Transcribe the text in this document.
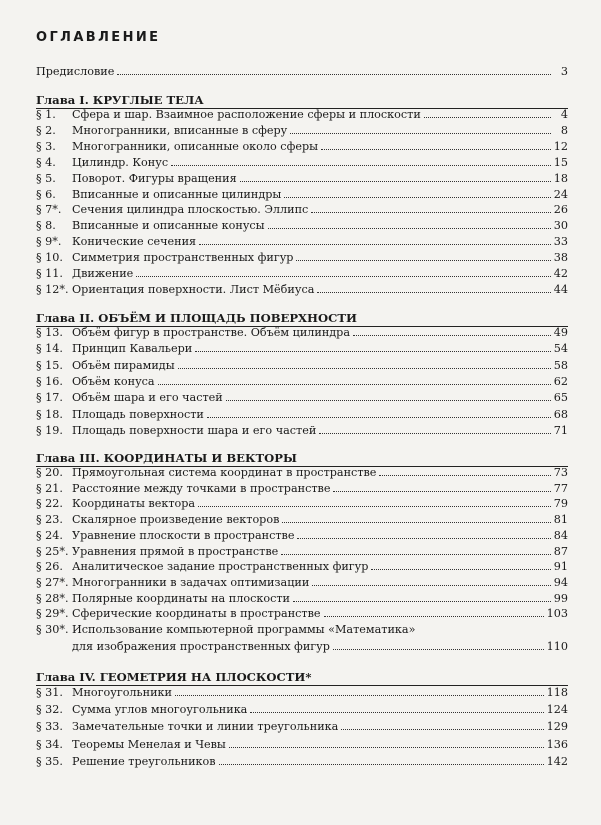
ОГЛАВЛЕНИЕ
Предисловие	3
Глава I. КРУГЛЫЕ ТЕЛА
Глава II. ОБЪЁМ И ПЛОЩАДЬ ПОВЕРХНОСТИ
Глава III. КООРДИНАТЫ И ВЕКТОРЫ
Глава IV. ГЕОМЕТРИЯ НА ПЛОСКОСТИ*
§ 1.	Сфера и шар. Взаимное расположение сферы и плоскости	4
§ 2.	Многогранники, вписанные в сферу	8
§ 3.	Многогранники, описанные около сферы	12
§ 4.	Цилиндр. Конус	15
§ 5.	Поворот. Фигуры вращения	18
§ 6.	Вписанные и описанные цилиндры	24
§ 7*. Сечения цилиндра плоскостью. Эллипс	26
§ 8.	Вписанные и описанные конусы	30
§ 9*. Конические сечения	33
§ 10. Симметрия пространственных фигур	38
§ 11. Движение	42
§ 12*. Ориентация поверхности. Лист Мёбиуса	44
§ 13. Объём фигур в пространстве. Объём цилиндра	49
§ 14. Принцип Кавальери	54
§ 15. Объём пирамиды	58
§ 16. Объём конуса	62
§ 17. Объём шара и его частей	65
§ 18. Площадь поверхности	68
§ 19. Площадь поверхности шара и его частей	71
§ 20. Прямоугольная система координат в пространстве	73
§ 21. Расстояние между точками в пространстве	77
§ 22. Координаты вектора	79
§ 23. Скалярное произведение векторов	81
§ 24. Уравнение плоскости в пространстве	84
§ 25*. Уравнения прямой в пространстве	87
§ 26. Аналитическое задание пространственных фигур	91
§ 27*. Многогранники в задачах оптимизации	94
§ 28*. Полярные координаты на плоскости	99
§ 29*. Сферические координаты в пространстве	103
§ 30*. Использование компьютерной программы «Математика»
для изображения пространственных фигур	110
§ 31. Многоугольники	118
§ 32. Сумма углов многоугольника	124
§ 33. Замечательные точки и линии треугольника	129
§ 34. Теоремы Менелая и Чевы	136
§ 35. Решение треугольников	142
